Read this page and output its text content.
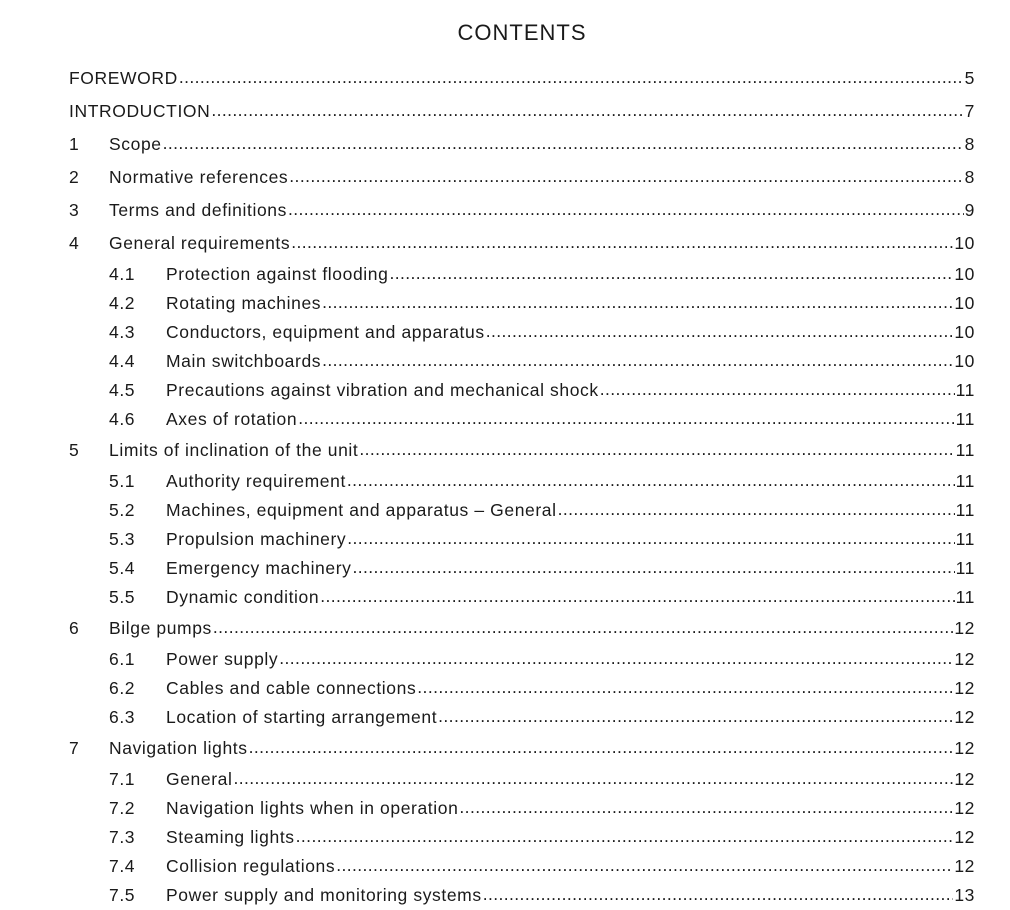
CONTENTS
FOREWORD .....	5
INTRODUCTION .....	7
1	Scope .....	8
2	Normative references .....	8
3	Terms and definitions .....	9
4	General requirements .....	10
4.1	Protection against flooding .....	10
4.2	Rotating machines .....	10
4.3	Conductors, equipment and apparatus .....	10
4.4	Main switchboards .....	10
4.5	Precautions against vibration and mechanical shock .....	11
4.6	Axes of rotation .....	11
5	Limits of inclination of the unit .....	11
5.1	Authority requirement .....	11
5.2	Machines, equipment and apparatus – General .....	11
5.3	Propulsion machinery .....	11
5.4	Emergency machinery .....	11
5.5	Dynamic condition .....	11
6	Bilge pumps .....	12
6.1	Power supply .....	12
6.2	Cables and cable connections .....	12
6.3	Location of starting arrangement .....	12
7	Navigation lights .....	12
7.1	General .....	12
7.2	Navigation lights when in operation .....	12
7.3	Steaming lights .....	12
7.4	Collision regulations .....	12
7.5	Power supply and monitoring systems .....	13
